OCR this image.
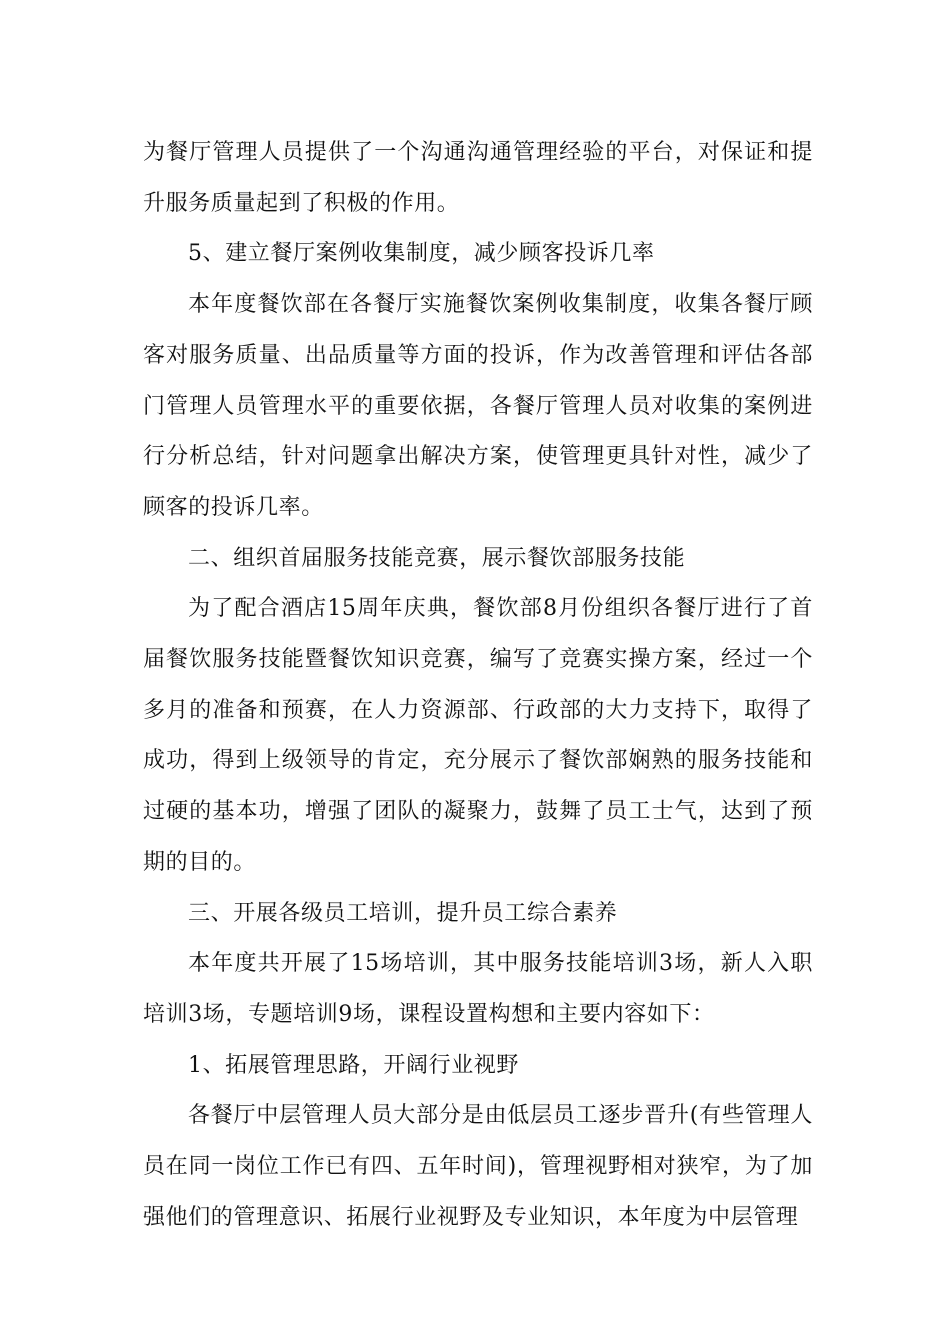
为餐厅管理人员提供了一个沟通沟通管理经验的平台，对保证和提升服务质量起到了积极的作用。

5、建立餐厅案例收集制度，减少顾客投诉几率

本年度餐饮部在各餐厅实施餐饮案例收集制度，收集各餐厅顾客对服务质量、出品质量等方面的投诉，作为改善管理和评估各部门管理人员管理水平的重要依据，各餐厅管理人员对收集的案例进行分析总结，针对问题拿出解决方案，使管理更具针对性，减少了顾客的投诉几率。

二、组织首届服务技能竞赛，展示餐饮部服务技能

为了配合酒店15周年庆典，餐饮部8月份组织各餐厅进行了首届餐饮服务技能暨餐饮知识竞赛，编写了竞赛实操方案，经过一个多月的准备和预赛，在人力资源部、行政部的大力支持下，取得了成功，得到上级领导的肯定，充分展示了餐饮部娴熟的服务技能和过硬的基本功，增强了团队的凝聚力，鼓舞了员工士气，达到了预期的目的。

三、开展各级员工培训，提升员工综合素养

本年度共开展了15场培训，其中服务技能培训3场，新人入职培训3场，专题培训9场，课程设置构想和主要内容如下：

1、拓展管理思路，开阔行业视野

各餐厅中层管理人员大部分是由低层员工逐步晋升(有些管理人员在同一岗位工作已有四、五年时间)，管理视野相对狭窄，为了加强他们的管理意识、拓展行业视野及专业知识，本年度为中层管理
